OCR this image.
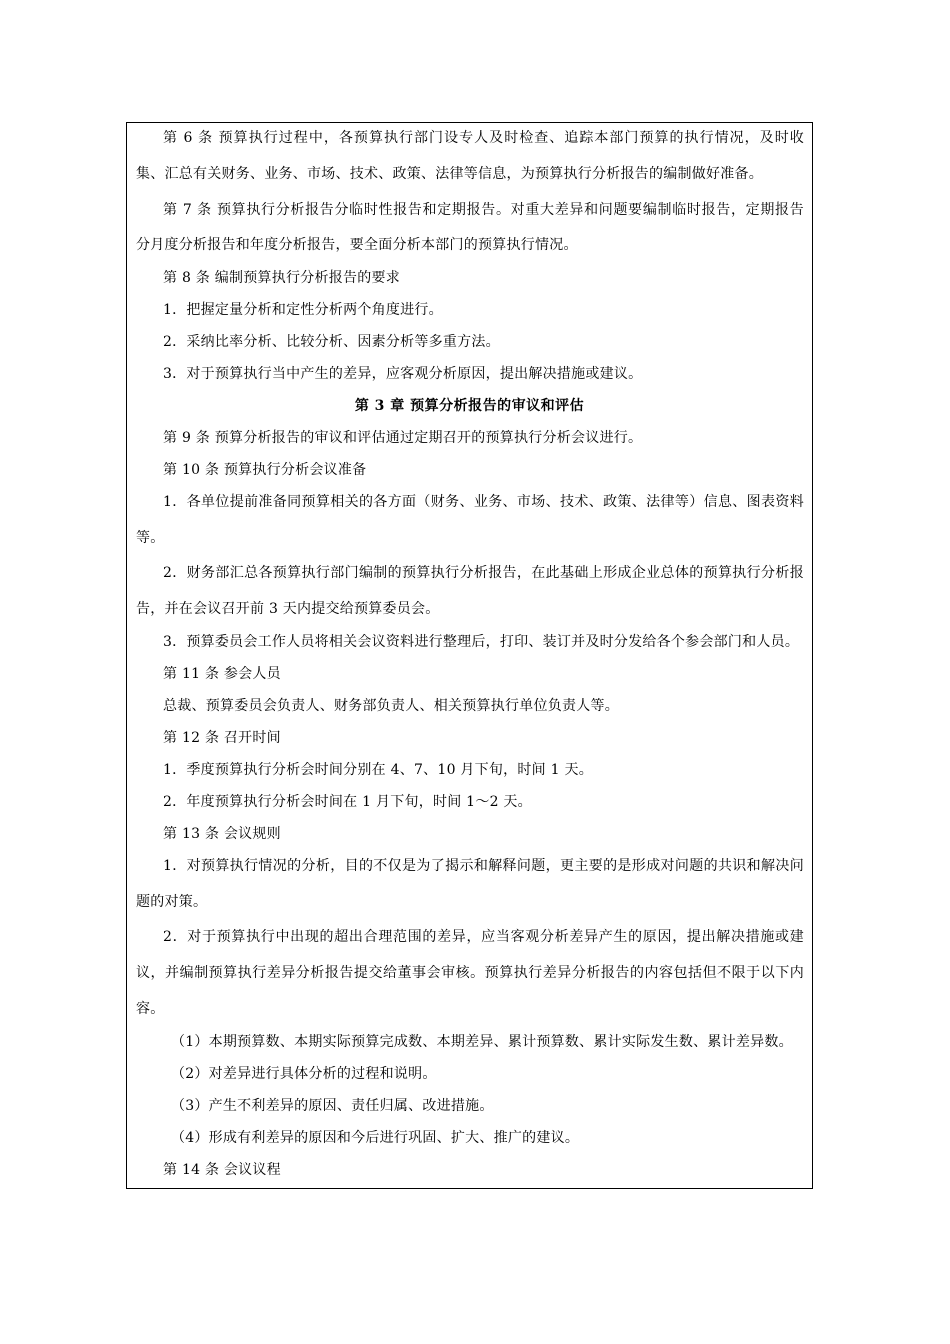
第 6 条 预算执行过程中，各预算执行部门设专人及时检查、追踪本部门预算的执行情况，及时收
集、汇总有关财务、业务、市场、技术、政策、法律等信息，为预算执行分析报告的编制做好准备。
第 7 条 预算执行分析报告分临时性报告和定期报告。对重大差异和问题要编制临时报告，定期报告
分月度分析报告和年度分析报告，要全面分析本部门的预算执行情况。
第 8 条 编制预算执行分析报告的要求
1．把握定量分析和定性分析两个角度进行。
2．采纳比率分析、比较分析、因素分析等多重方法。
3．对于预算执行当中产生的差异，应客观分析原因，提出解决措施或建议。
第 3 章 预算分析报告的审议和评估
第 9 条 预算分析报告的审议和评估通过定期召开的预算执行分析会议进行。
第 10 条 预算执行分析会议准备
1．各单位提前准备同预算相关的各方面（财务、业务、市场、技术、政策、法律等）信息、图表资料
等。
2．财务部汇总各预算执行部门编制的预算执行分析报告，在此基础上形成企业总体的预算执行分析报
告，并在会议召开前 3 天内提交给预算委员会。
3．预算委员会工作人员将相关会议资料进行整理后，打印、装订并及时分发给各个参会部门和人员。
第 11 条 参会人员
总裁、预算委员会负责人、财务部负责人、相关预算执行单位负责人等。
第 12 条 召开时间
1．季度预算执行分析会时间分别在 4、7、10 月下旬，时间 1 天。
2．年度预算执行分析会时间在 1 月下旬，时间 1～2 天。
第 13 条 会议规则
1．对预算执行情况的分析，目的不仅是为了揭示和解释问题，更主要的是形成对问题的共识和解决问
题的对策。
2．对于预算执行中出现的超出合理范围的差异，应当客观分析差异产生的原因，提出解决措施或建
议，并编制预算执行差异分析报告提交给董事会审核。预算执行差异分析报告的内容包括但不限于以下内
容。
（1）本期预算数、本期实际预算完成数、本期差异、累计预算数、累计实际发生数、累计差异数。
（2）对差异进行具体分析的过程和说明。
（3）产生不利差异的原因、责任归属、改进措施。
（4）形成有利差异的原因和今后进行巩固、扩大、推广的建议。
第 14 条 会议议程
